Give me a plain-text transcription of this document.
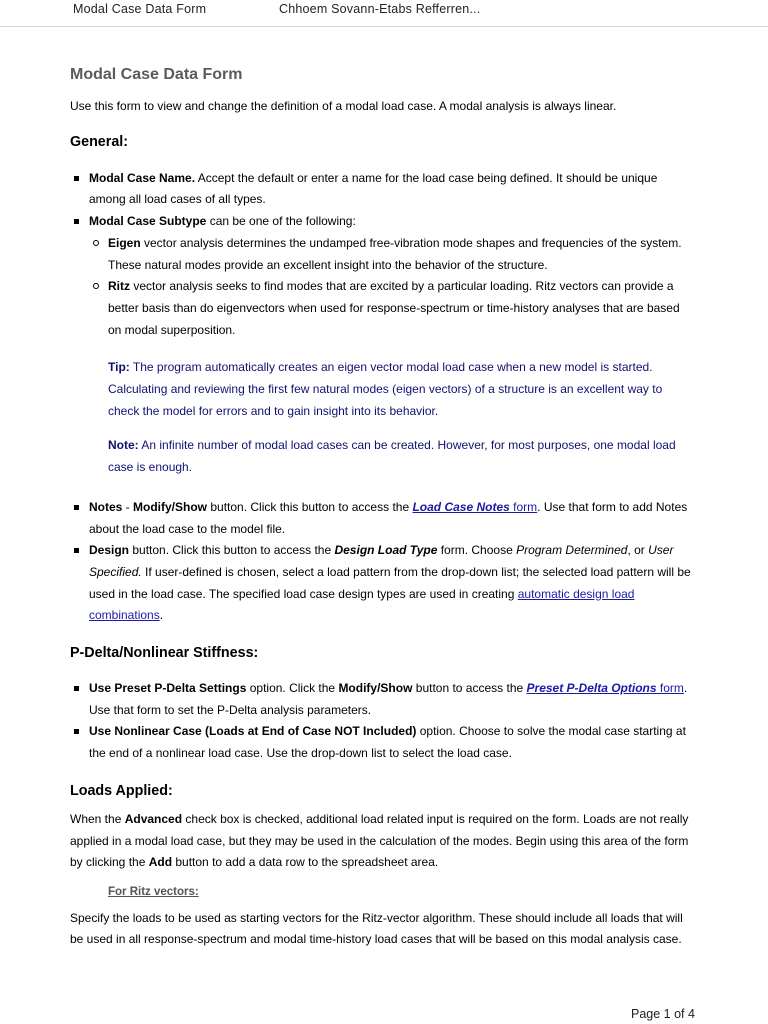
Modal Case Data Form	Chhoem Sovann-Etabs Refferren...
Modal Case Data Form

Use this form to view and change the definition of a modal load case. A modal analysis is always linear.

General:
Modal Case Name. Accept the default or enter a name for the load case being defined. It should be unique among all load cases of all types.
Modal Case Subtype can be one of the following:
Eigen vector analysis determines the undamped free-vibration mode shapes and frequencies of the system. These natural modes provide an excellent insight into the behavior of the structure.
Ritz vector analysis seeks to find modes that are excited by a particular loading. Ritz vectors can provide a better basis than do eigenvectors when used for response-spectrum or time-history analyses that are based on modal superposition.

Tip: The program automatically creates an eigen vector modal load case when a new model is started. Calculating and reviewing the first few natural modes (eigen vectors) of a structure is an excellent way to check the model for errors and to gain insight into its behavior.

Note: An infinite number of modal load cases can be created. However, for most purposes, one modal load case is enough.

Notes - Modify/Show button. Click this button to access the Load Case Notes form. Use that form to add Notes about the load case to the model file.
Design button. Click this button to access the Design Load Type form. Choose Program Determined, or User Specified. If user-defined is chosen, select a load pattern from the drop-down list; the selected load pattern will be used in the load case. The specified load case design types are used in creating automatic design load combinations.
P-Delta/Nonlinear Stiffness:
Use Preset P-Delta Settings option. Click the Modify/Show button to access the Preset P-Delta Options form. Use that form to set the P-Delta analysis parameters.
Use Nonlinear Case (Loads at End of Case NOT Included) option. Choose to solve the modal case starting at the end of a nonlinear load case. Use the drop-down list to select the load case.
Loads Applied:

When the Advanced check box is checked, additional load related input is required on the form. Loads are not really applied in a modal load case, but they may be used in the calculation of the modes. Begin using this area of the form by clicking the Add button to add a data row to the spreadsheet area.

For Ritz vectors:

Specify the loads to be used as starting vectors for the Ritz-vector algorithm. These should include all loads that will be used in all response-spectrum and modal time-history load cases that will be based on this modal analysis case.

Page 1 of 4
